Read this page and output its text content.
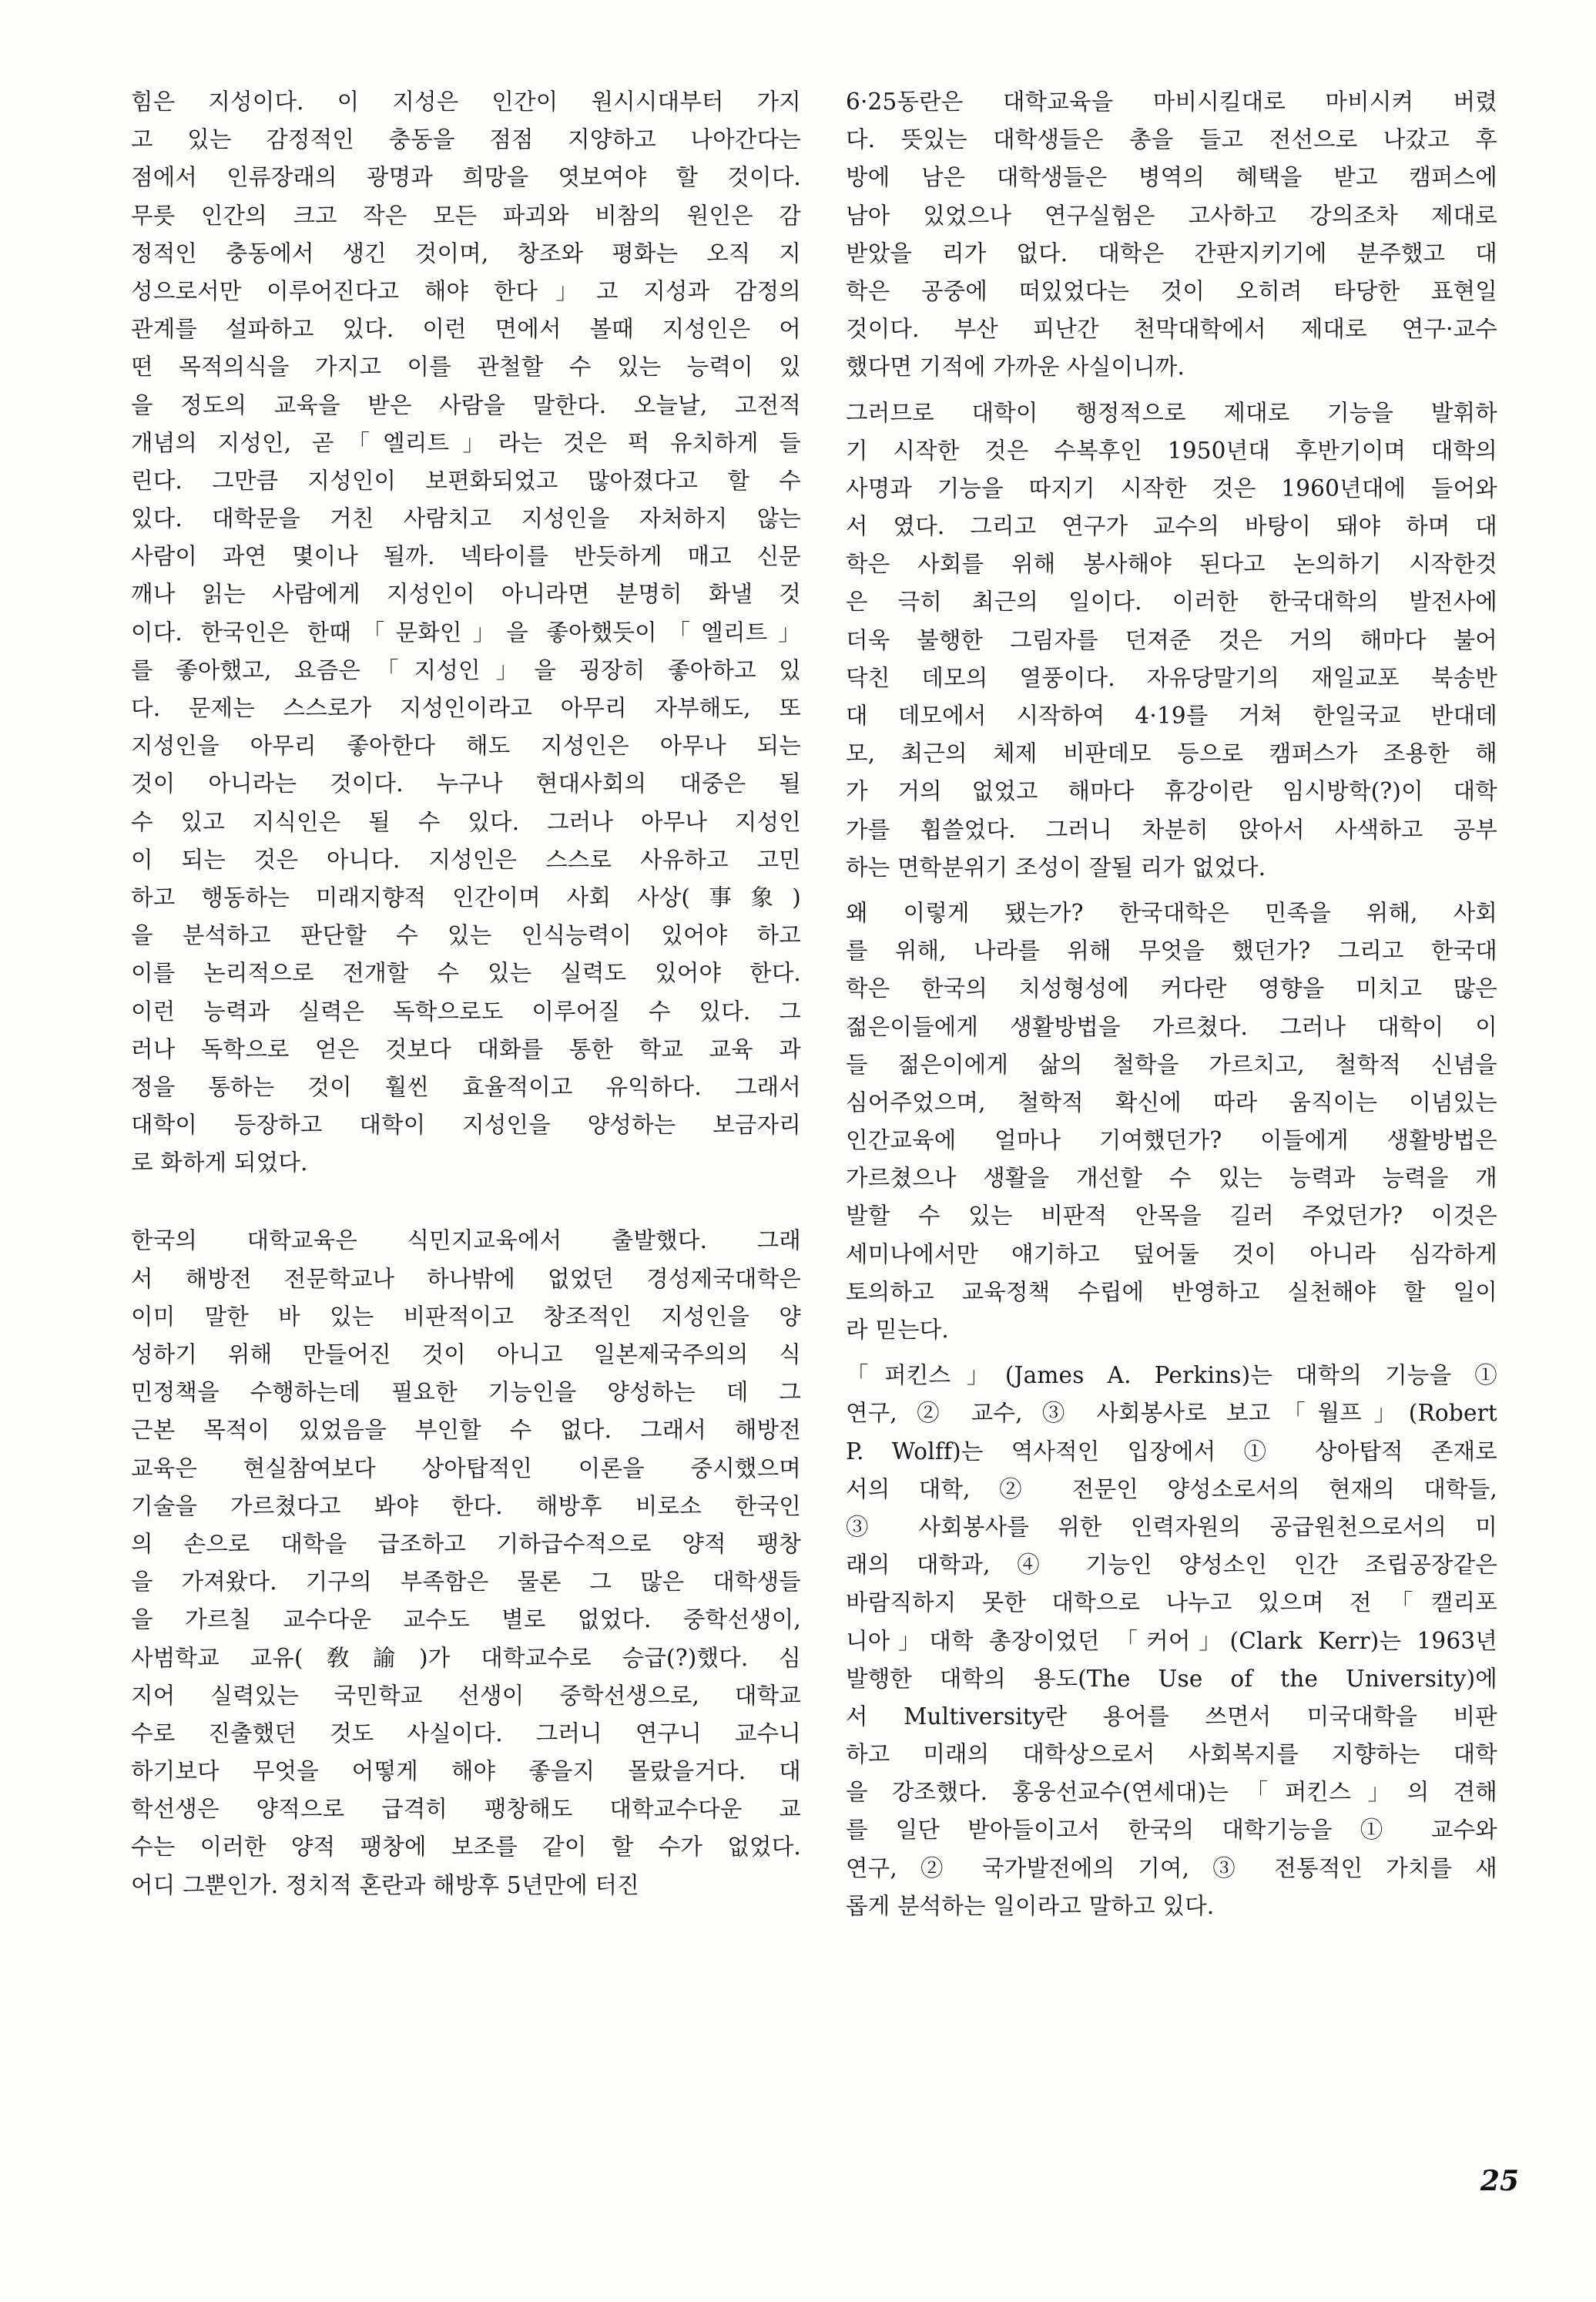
힘은 지성이다. 이 지성은 인간이 원시시대부터 가지
고 있는 감정적인 충동을 점점 지양하고 나아간다는
점에서 인류장래의 광명과 희망을 엿보여야 할 것이다.
무릇 인간의 크고 작은 모든 파괴와 비참의 원인은 감
정적인 충동에서 생긴 것이며, 창조와 평화는 오직 지
성으로서만 이루어진다고 해야 한다」고 지성과 감정의
관계를 설파하고 있다. 이런 면에서 볼때 지성인은 어
떤 목적의식을 가지고 이를 관철할 수 있는 능력이 있
을 정도의 교육을 받은 사람을 말한다. 오늘날, 고전적
개념의 지성인, 곧「엘리트」라는 것은 퍽 유치하게 들
린다. 그만큼 지성인이 보편화되었고 많아졌다고 할 수
있다. 대학문을 거친 사람치고 지성인을 자처하지 않는
사람이 과연 몇이나 될까. 넥타이를 반듯하게 매고 신문
깨나 읽는 사람에게 지성인이 아니라면 분명히 화낼 것
이다. 한국인은 한때「문화인」을 좋아했듯이「엘리트」
를 좋아했고, 요즘은「지성인」을 굉장히 좋아하고 있
다. 문제는 스스로가 지성인이라고 아무리 자부해도, 또
지성인을 아무리 좋아한다 해도 지성인은 아무나 되는
것이 아니라는 것이다. 누구나 현대사회의 대중은 될
수 있고 지식인은 될 수 있다. 그러나 아무나 지성인
이 되는 것은 아니다. 지성인은 스스로 사유하고 고민
하고 행동하는 미래지향적 인간이며 사회 사상(事象)
을 분석하고 판단할 수 있는 인식능력이 있어야 하고
이를 논리적으로 전개할 수 있는 실력도 있어야 한다.
이런 능력과 실력은 독학으로도 이루어질 수 있다. 그
러나 독학으로 얻은 것보다 대화를 통한 학교 교육 과
정을 통하는 것이 훨씬 효율적이고 유익하다. 그래서
대학이 등장하고 대학이 지성인을 양성하는 보금자리
로 화하게 되었다.
한국의 대학교육은 식민지교육에서 출발했다. 그래
서 해방전 전문학교나 하나밖에 없었던 경성제국대학은
이미 말한 바 있는 비판적이고 창조적인 지성인을 양
성하기 위해 만들어진 것이 아니고 일본제국주의의 식
민정책을 수행하는데 필요한 기능인을 양성하는 데 그
근본 목적이 있었음을 부인할 수 없다. 그래서 해방전
교육은 현실참여보다 상아탑적인 이론을 중시했으며
기술을 가르쳤다고 봐야 한다. 해방후 비로소 한국인
의 손으로 대학을 급조하고 기하급수적으로 양적 팽창
을 가져왔다. 기구의 부족함은 물론 그 많은 대학생들
을 가르칠 교수다운 교수도 별로 없었다. 중학선생이,
사범학교 교유(敎諭)가 대학교수로 승급(?)했다. 심
지어 실력있는 국민학교 선생이 중학선생으로, 대학교
수로 진출했던 것도 사실이다. 그러니 연구니 교수니
하기보다 무엇을 어떻게 해야 좋을지 몰랐을거다. 대
학선생은 양적으로 급격히 팽창해도 대학교수다운 교
수는 이러한 양적 팽창에 보조를 같이 할 수가 없었다.
어디 그뿐인가. 정치적 혼란과 해방후 5년만에 터진
6·25동란은 대학교육을 마비시킬대로 마비시켜 버렸
다. 뜻있는 대학생들은 총을 들고 전선으로 나갔고 후
방에 남은 대학생들은 병역의 혜택을 받고 캠퍼스에
남아 있었으나 연구실험은 고사하고 강의조차 제대로
받았을 리가 없다. 대학은 간판지키기에 분주했고 대
학은 공중에 떠있었다는 것이 오히려 타당한 표현일
것이다. 부산 피난간 천막대학에서 제대로 연구·교수
했다면 기적에 가까운 사실이니까.
그러므로 대학이 행정적으로 제대로 기능을 발휘하
기 시작한 것은 수복후인 1950년대 후반기이며 대학의
사명과 기능을 따지기 시작한 것은 1960년대에 들어와
서 였다. 그리고 연구가 교수의 바탕이 돼야 하며 대
학은 사회를 위해 봉사해야 된다고 논의하기 시작한것
은 극히 최근의 일이다. 이러한 한국대학의 발전사에
더욱 불행한 그림자를 던져준 것은 거의 해마다 불어
닥친 데모의 열풍이다. 자유당말기의 재일교포 북송반
대 데모에서 시작하여 4·19를 거쳐 한일국교 반대데
모, 최근의 체제 비판데모 등으로 캠퍼스가 조용한 해
가 거의 없었고 해마다 휴강이란 임시방학(?)이 대학
가를 휩쓸었다. 그러니 차분히 앉아서 사색하고 공부
하는 면학분위기 조성이 잘될 리가 없었다.
왜 이렇게 됐는가? 한국대학은 민족을 위해, 사회
를 위해, 나라를 위해 무엇을 했던가? 그리고 한국대
학은 한국의 치성형성에 커다란 영향을 미치고 많은
젊은이들에게 생활방법을 가르쳤다. 그러나 대학이 이
들 젊은이에게 삶의 철학을 가르치고, 철학적 신념을
심어주었으며, 철학적 확신에 따라 움직이는 이념있는
인간교육에 얼마나 기여했던가? 이들에게 생활방법은
가르쳤으나 생활을 개선할 수 있는 능력과 능력을 개
발할 수 있는 비판적 안목을 길러 주었던가? 이것은
세미나에서만 얘기하고 덮어둘 것이 아니라 심각하게
토의하고 교육정책 수립에 반영하고 실천해야 할 일이
라 믿는다.
「퍼킨스」(James A. Perkins)는 대학의 기능을 ①
연구, ② 교수, ③ 사회봉사로 보고「월프」(Robert
P. Wolff)는 역사적인 입장에서 ① 상아탑적 존재로
서의 대학, ② 전문인 양성소로서의 현재의 대학들,
③ 사회봉사를 위한 인력자원의 공급원천으로서의 미
래의 대학과, ④ 기능인 양성소인 인간 조립공장같은
바람직하지 못한 대학으로 나누고 있으며 전「캘리포
니아」대학 총장이었던 「커어」(Clark Kerr)는 1963년
발행한 대학의 용도(The Use of the University)에
서 Multiversity란 용어를 쓰면서 미국대학을 비판
하고 미래의 대학상으로서 사회복지를 지향하는 대학
을 강조했다. 홍웅선교수(연세대)는「퍼킨스」의 견해
를 일단 받아들이고서 한국의 대학기능을 ① 교수와
연구, ② 국가발전에의 기여, ③ 전통적인 가치를 새
롭게 분석하는 일이라고 말하고 있다.
25
